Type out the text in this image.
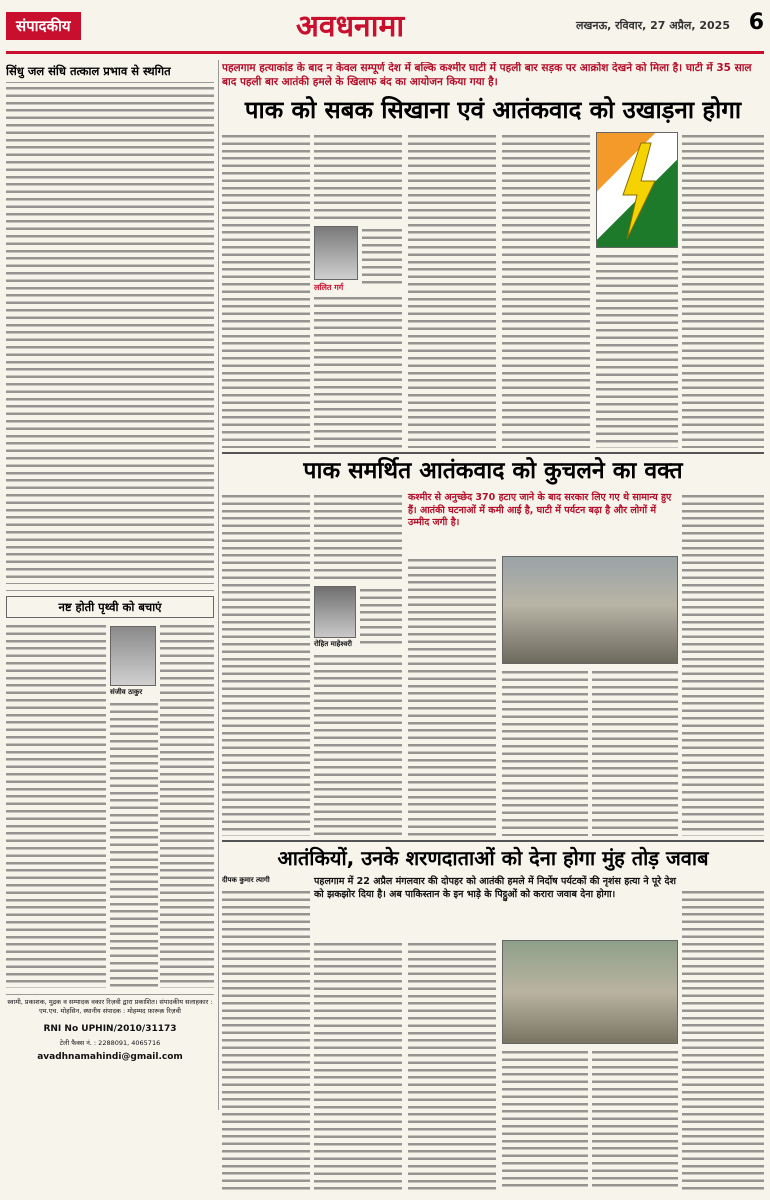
संपादकीय	अवधनामा	लखनऊ, रविवार, 27 अप्रैल, 2025 6
सिंधु जल संधि तत्काल प्रभाव से स्थगित
नष्ट होती पृथ्वी को बचाएं
संजीव ठाकुर
स्वामी, प्रकाशक, मुद्रक व सम्पादक वकार रिज़वी द्वारा प्रकाशित। संपादकीय सलाहकार : एम.एच. मोहसिन, स्थानीय संपादक : मोहम्मद फ़ारूक़ रिज़वी
RNI No UPHIN/2010/31173
टेली फैक्स नं. : 2288091, 4065716
avadhnamahindi@gmail.com
पहलगाम हत्याकांड के बाद न केवल सम्पूर्ण देश में बल्कि कश्मीर घाटी में पहली बार सड़क पर आक्रोश देखने को मिला है। घाटी में 35 साल बाद पहली बार आतंकी हमले के खिलाफ बंद का आयोजन किया गया है।
पाक को सबक सिखाना एवं आतंकवाद को उखाड़ना होगा
ललित गर्ग
पाक समर्थित आतंकवाद को कुचलने का वक्त
रोहित माहेश्वरी
कश्मीर से अनुच्छेद 370 हटाए जाने के बाद सरकार लिए गए थे सामान्य हुए हैं। आतंकी घटनाओं में कमी आई है, घाटी में पर्यटन बढ़ा है और लोगों में उम्मीद जगी है।
आतंकियों, उनके शरणदाताओं को देना होगा मुंह तोड़ जवाब
दीपक कुमार त्यागी	पहलगाम में 22 अप्रैल मंगलवार की दोपहर को आतंकी हमले में निर्दोष पर्यटकों की नृशंस हत्या ने पूरे देश को झकझोर दिया है। अब पाकिस्तान के इन भाड़े के पिट्ठुओं को करारा जवाब देना होगा।
